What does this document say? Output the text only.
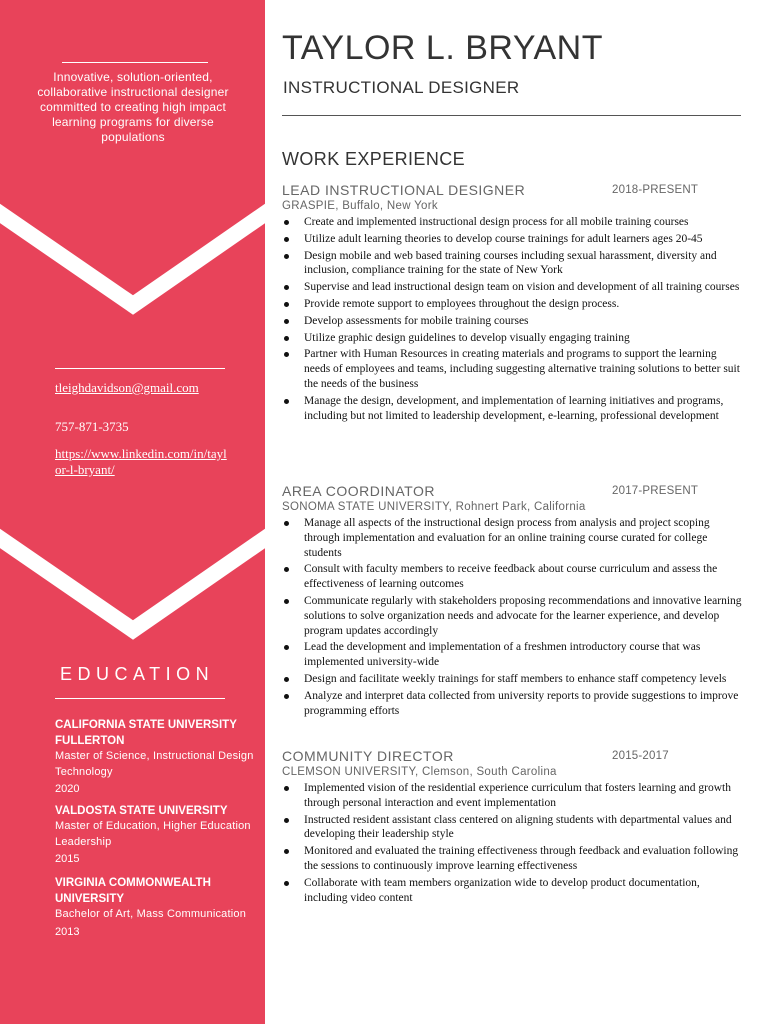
Innovative, solution-oriented, collaborative instructional designer committed to creating high impact learning programs for diverse populations
tleighdavidson@gmail.com
757-871-3735
https://www.linkedin.com/in/tayl
or-l-bryant/
EDUCATION
CALIFORNIA STATE UNIVERSITY FULLERTON
Master of Science, Instructional Design Technology
2020
VALDOSTA STATE UNIVERSITY
Master of Education, Higher Education Leadership
2015
VIRGINIA COMMONWEALTH UNIVERSITY
Bachelor of Art, Mass Communication
2013
TAYLOR L. BRYANT
INSTRUCTIONAL DESIGNER
WORK EXPERIENCE
LEAD INSTRUCTIONAL DESIGNER	2018-PRESENT
GRASPIE, Buffalo, New York
Create and implemented instructional design process for all mobile training courses
Utilize adult learning theories to develop course trainings for adult learners ages 20-45
Design mobile and web based training courses including sexual harassment, diversity and inclusion, compliance training for the state of New York
Supervise and lead instructional design team on vision and development of all training courses
Provide remote support to employees throughout the design process.
Develop assessments for mobile training courses
Utilize graphic design guidelines to develop visually engaging training
Partner with Human Resources in creating materials and programs to support the learning needs of employees and teams, including suggesting alternative training solutions to better suit the needs of the business
Manage the design, development, and implementation of learning initiatives and programs, including but not limited to leadership development, e-learning, professional development
AREA COORDINATOR	2017-PRESENT
SONOMA STATE UNIVERSITY, Rohnert Park, California
Manage all aspects of the instructional design process from analysis and project scoping through implementation and evaluation for an online training course curated for college students
Consult with faculty members to receive feedback about course curriculum and assess the effectiveness of learning outcomes
Communicate regularly with stakeholders proposing recommendations and innovative learning solutions to solve organization needs and advocate for the learner experience, and develop program updates accordingly
Lead the development and implementation of a freshmen introductory course that was implemented university-wide
Design and facilitate weekly trainings for staff members to enhance staff competency levels
Analyze and interpret data collected from university reports to provide suggestions to improve programming efforts
COMMUNITY DIRECTOR	2015-2017
CLEMSON UNIVERSITY, Clemson, South Carolina
Implemented vision of the residential experience curriculum that fosters learning and growth through personal interaction and event implementation
Instructed resident assistant class centered on aligning students with departmental values and developing their leadership style
Monitored and evaluated the training effectiveness through feedback and evaluation following the sessions to continuously improve learning effectiveness
Collaborate with team members organization wide to develop product documentation, including video content
